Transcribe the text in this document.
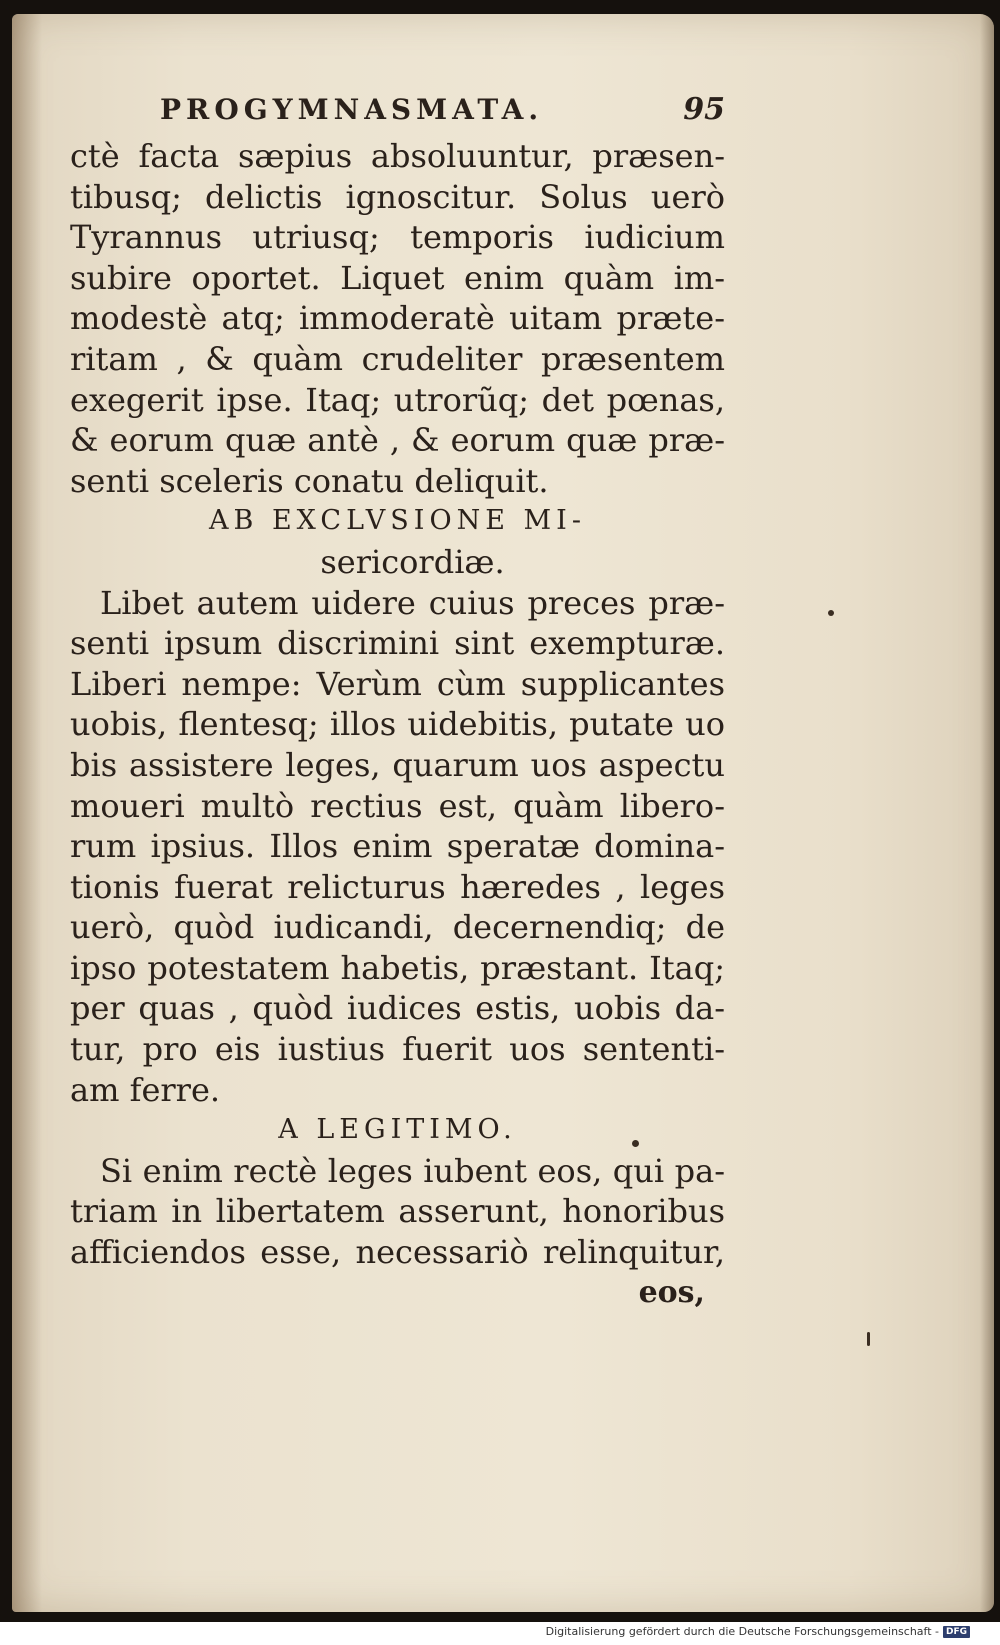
PROGYMNASMATA.	95
ctè facta sæpius absoluuntur, præsen-
tibusq; delictis ignoscitur. Solus uerò
Tyrannus utriusq; temporis iudicium
subire oportet. Liquet enim quàm im-
modestè atq; immoderatè uitam præte-
ritam , & quàm crudeliter præsentem
exegerit ipse. Itaq; utrorũq; det pœnas,
& eorum quæ antè , & eorum quæ præ-
senti sceleris conatu deliquit.
AB EXCLVSIONE MI-
sericordiæ.
Libet autem uidere cuius preces præ-
senti ipsum discrimini sint exempturæ.
Liberi nempe: Verùm cùm supplicantes
uobis, flentesq; illos uidebitis, putate uo
bis assistere leges, quarum uos aspectu
moueri multò rectius est, quàm libero-
rum ipsius. Illos enim speratæ domina-
tionis fuerat relicturus hæredes , leges
uerò, quòd iudicandi, decernendiq; de
ipso potestatem habetis, præstant. Itaq;
per quas , quòd iudices estis, uobis da-
tur, pro eis iustius fuerit uos sententi-
am ferre.
A LEGITIMO.
Si enim rectè leges iubent eos, qui pa-
triam in libertatem asserunt, honoribus
afficiendos esse, necessariò relinquitur,
eos,
Digitalisierung gefördert durch die Deutsche Forschungsgemeinschaft - DFG
